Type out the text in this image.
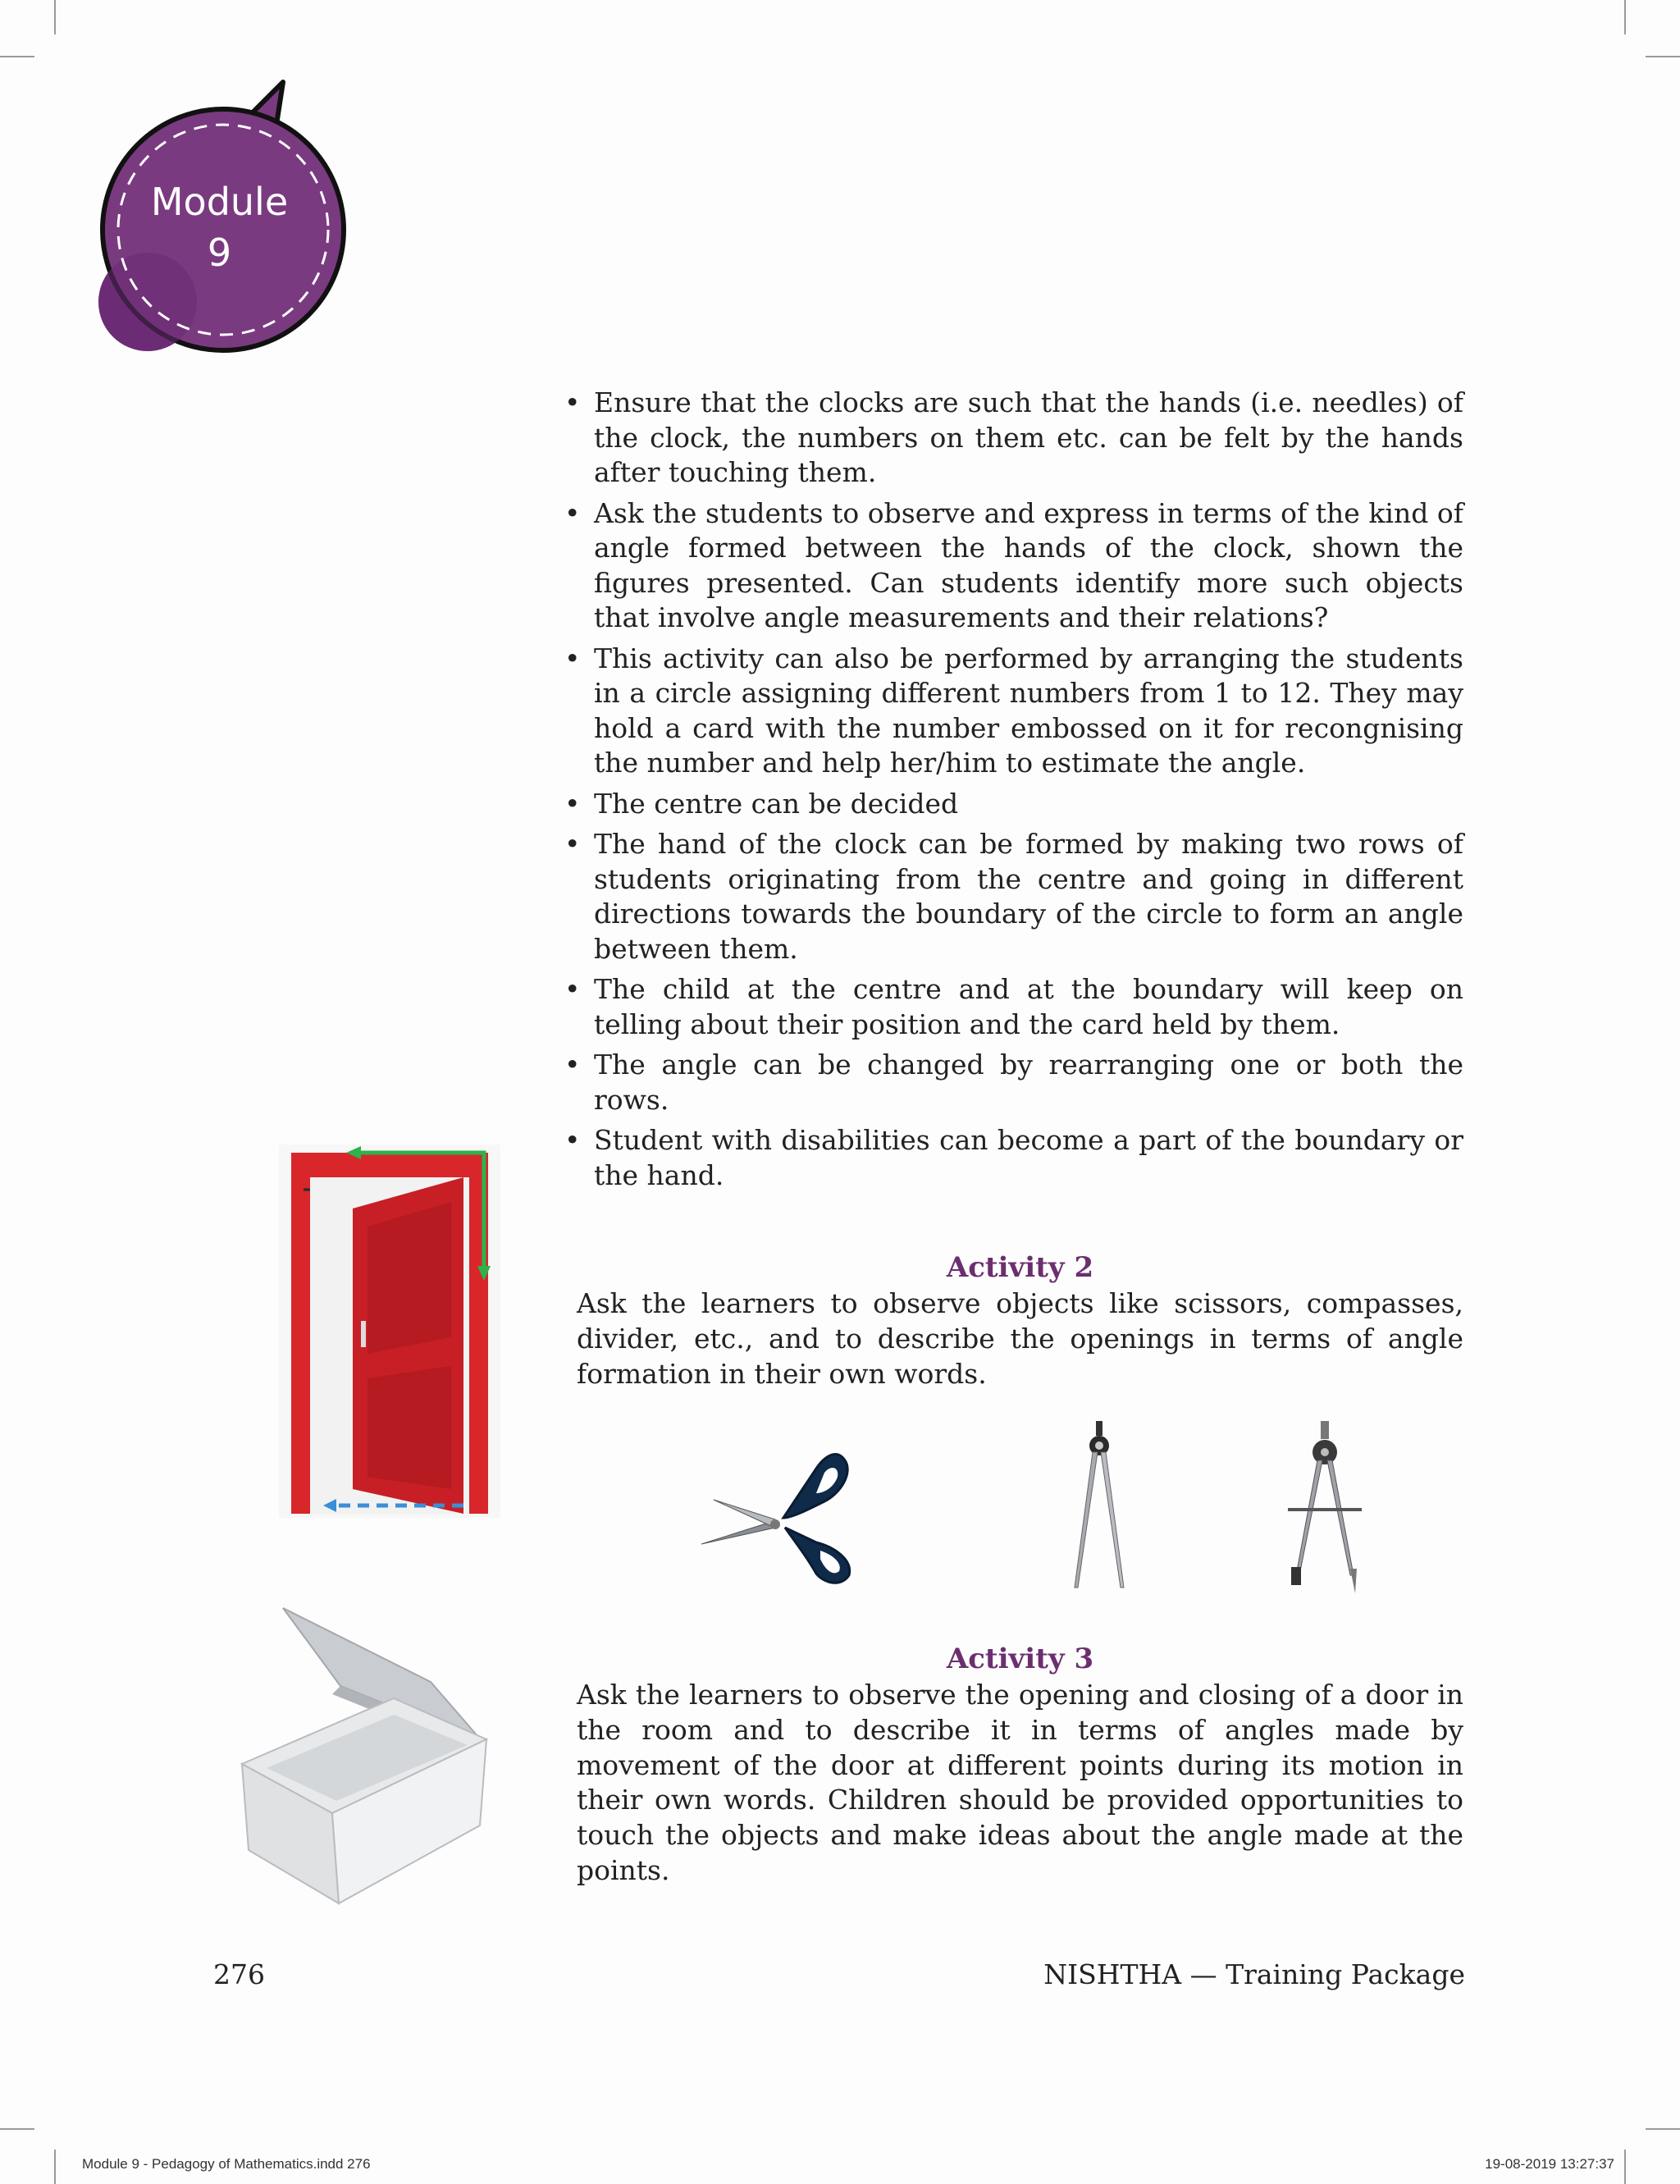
Module
9
• Ensure that the clocks are such that the hands (i.e. needles) of the clock, the numbers on them etc. can be felt by the hands after touching them.
• Ask the students to observe and express in terms of the kind of angle formed between the hands of the clock, shown the figures presented. Can students identify more such objects that involve angle measurements and their relations?
• This activity can also be performed by arranging the students in a circle assigning different numbers from 1 to 12. They may hold a card with the number embossed on it for recongnising the number and help her/him to estimate the angle.
• The centre can be decided
• The hand of the clock can be formed by making two rows of students originating from the centre and going in different directions towards the boundary of the circle to form an angle between them.
• The child at the centre and at the boundary will keep on telling about their position and the card held by them.
• The angle can be changed by rearranging one or both the rows.
• Student with disabilities can become a part of the boundary or the hand.
Activity 2

Ask the learners to observe objects like scissors, compasses, divider, etc., and to describe the openings in terms of angle formation in their own words.

Activity 3

Ask the learners to observe the opening and closing of a door in the room and to describe it in terms of angles made by movement of the door at different points during its motion in their own words. Children should be provided opportunities to touch the objects and make ideas about the angle made at the points.

276	NISHTHA — Training Package
Module 9 - Pedagogy of Mathematics.indd 276	19-08-2019 13:27:37
